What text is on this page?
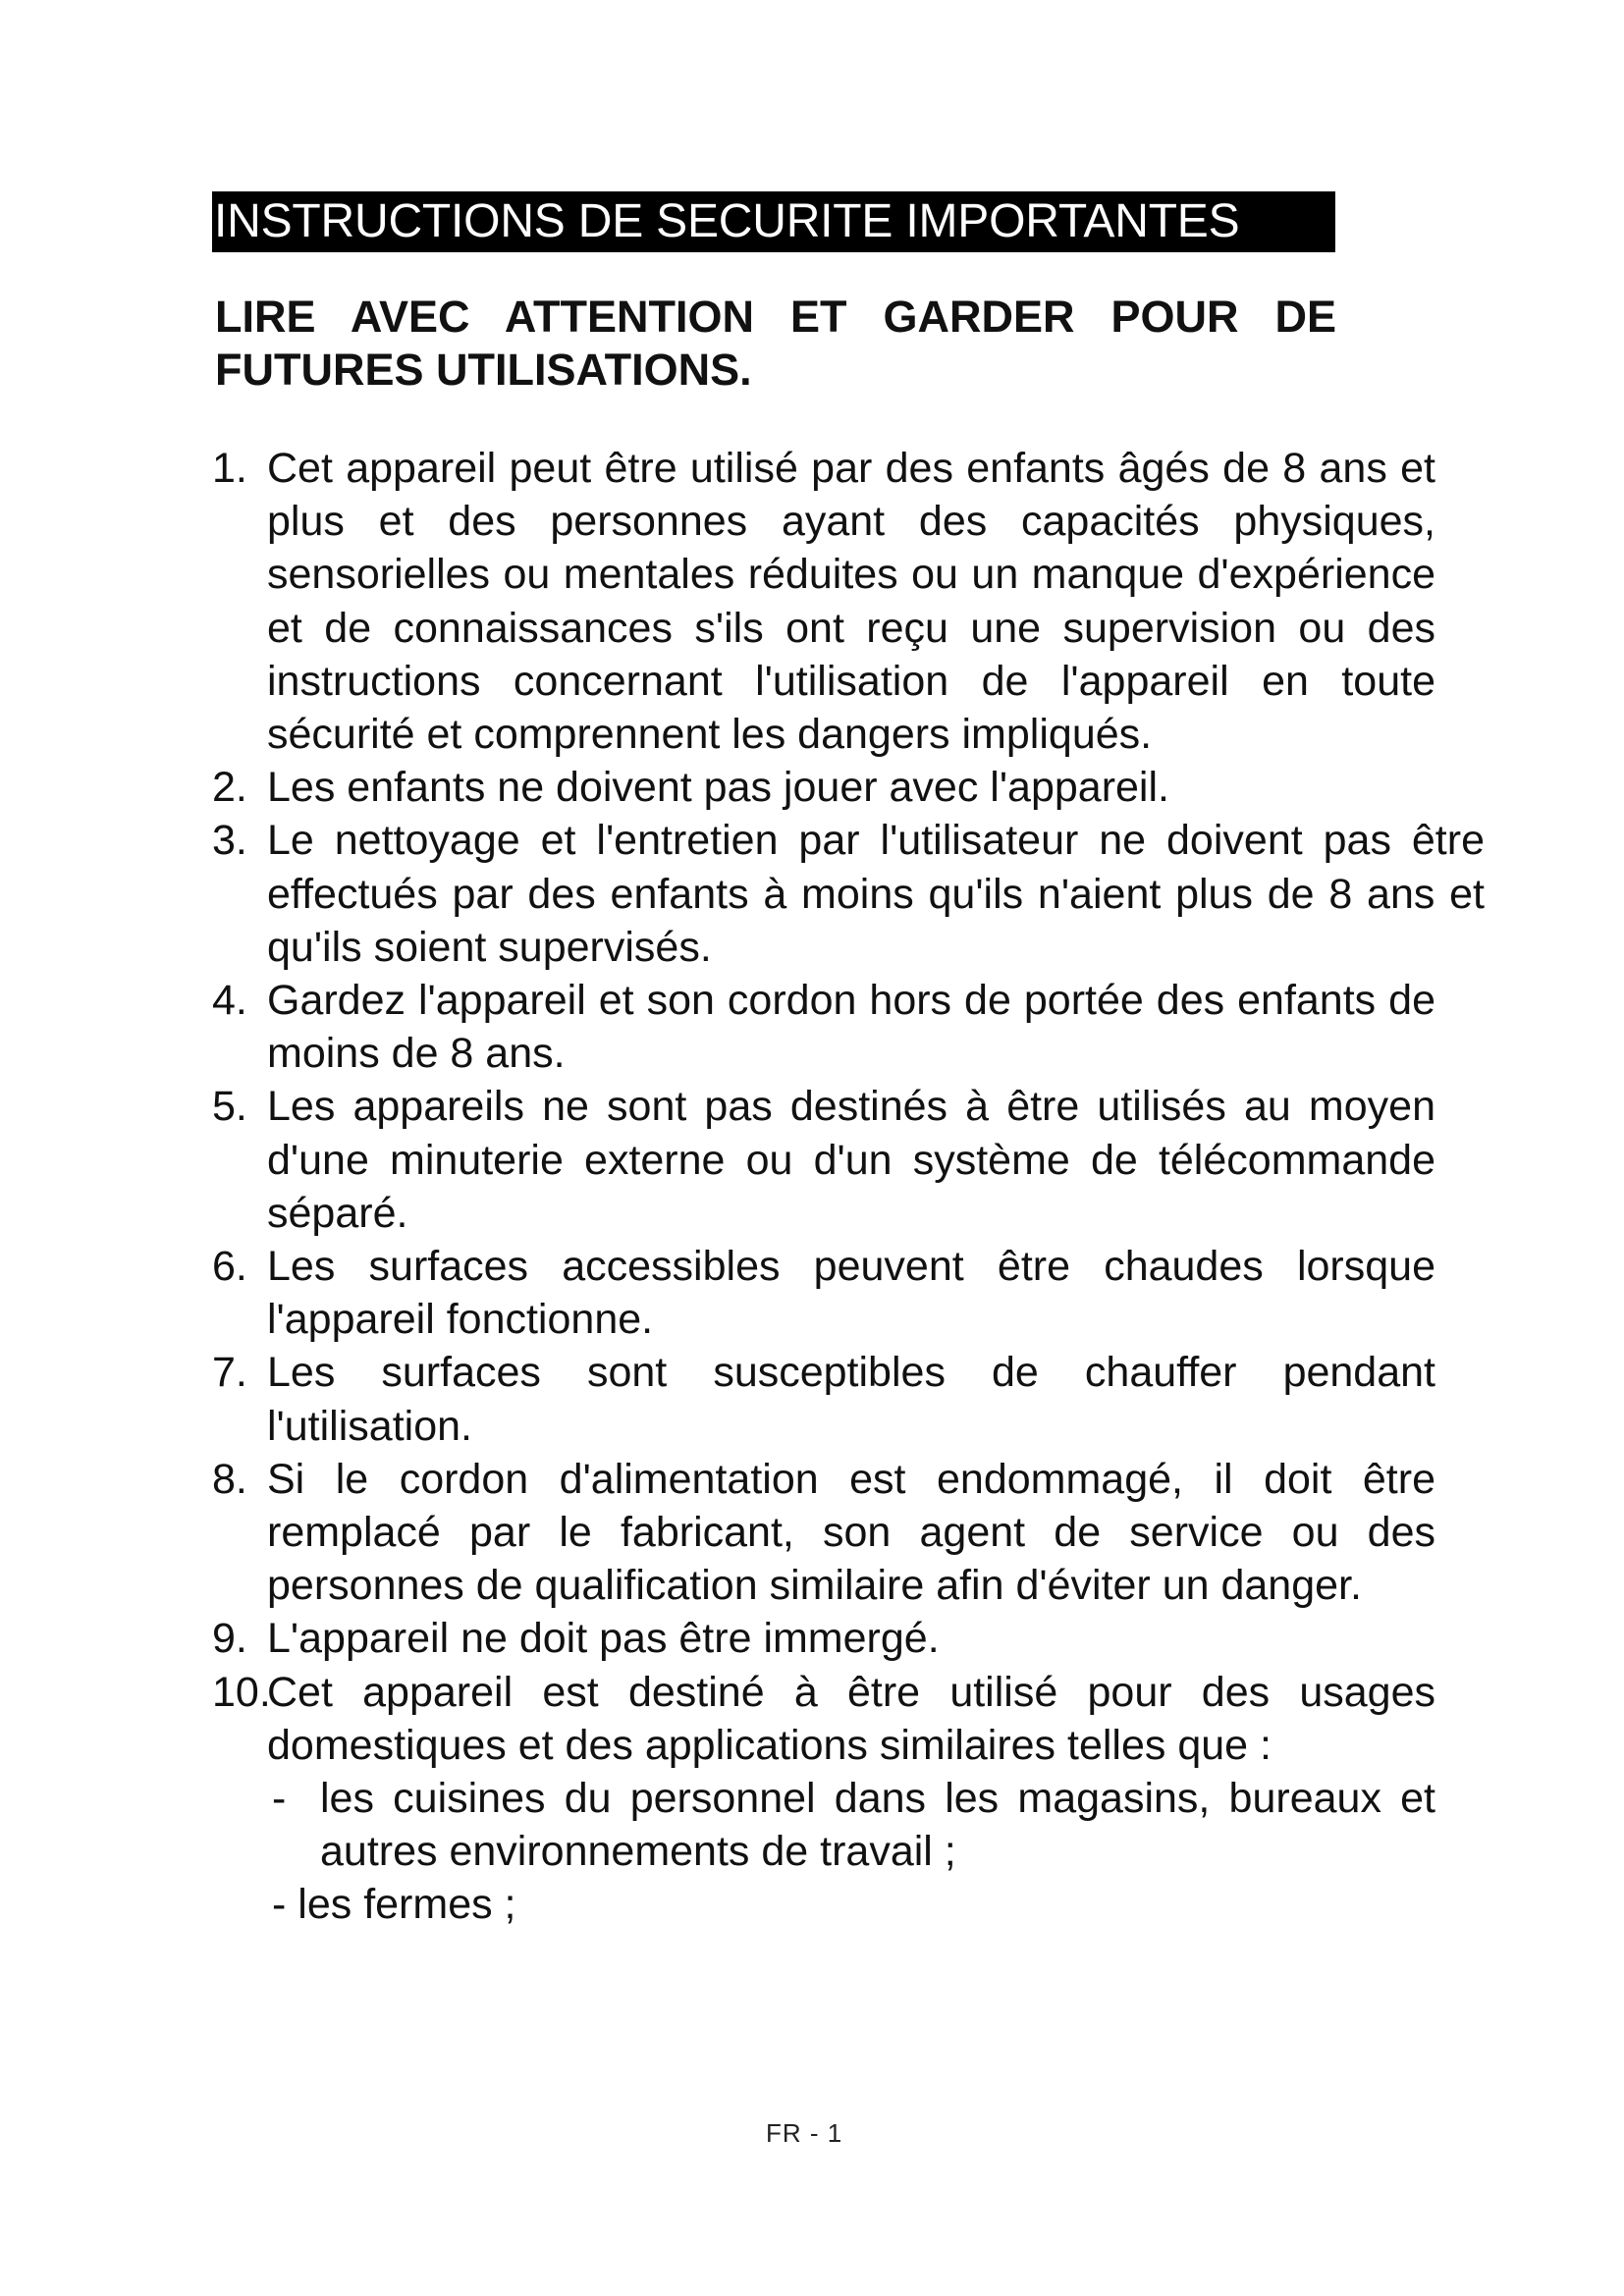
INSTRUCTIONS DE SECURITE IMPORTANTES
LIRE AVEC ATTENTION ET GARDER POUR DE
FUTURES UTILISATIONS.
1. Cet appareil peut être utilisé par des enfants âgés de 8 ans et plus et des personnes ayant des capacités physiques, sensorielles ou mentales réduites ou un manque d'expérience et de connaissances s'ils ont reçu une supervision ou des instructions concernant l'utilisation de l'appareil en toute sécurité et comprennent les dangers impliqués.
2. Les enfants ne doivent pas jouer avec l'appareil.
3. Le nettoyage et l'entretien par l'utilisateur ne doivent pas être effectués par des enfants à moins qu'ils n'aient plus de 8 ans et qu'ils soient supervisés.
4. Gardez l'appareil et son cordon hors de portée des enfants de moins de 8 ans.
5. Les appareils ne sont pas destinés à être utilisés au moyen d'une minuterie externe ou d'un système de télécommande séparé.
6. Les surfaces accessibles peuvent être chaudes lorsque l'appareil fonctionne.
7. Les surfaces sont susceptibles de chauffer pendant l'utilisation.
8. Si le cordon d'alimentation est endommagé, il doit être remplacé par le fabricant, son agent de service ou des personnes de qualification similaire afin d'éviter un danger.
9. L'appareil ne doit pas être immergé.
10.
Cet appareil est destiné à être utilisé pour des usages domestiques et des applications similaires telles que :
- les cuisines du personnel dans les magasins, bureaux et autres environnements de travail ;
- les fermes ;
FR - 1
